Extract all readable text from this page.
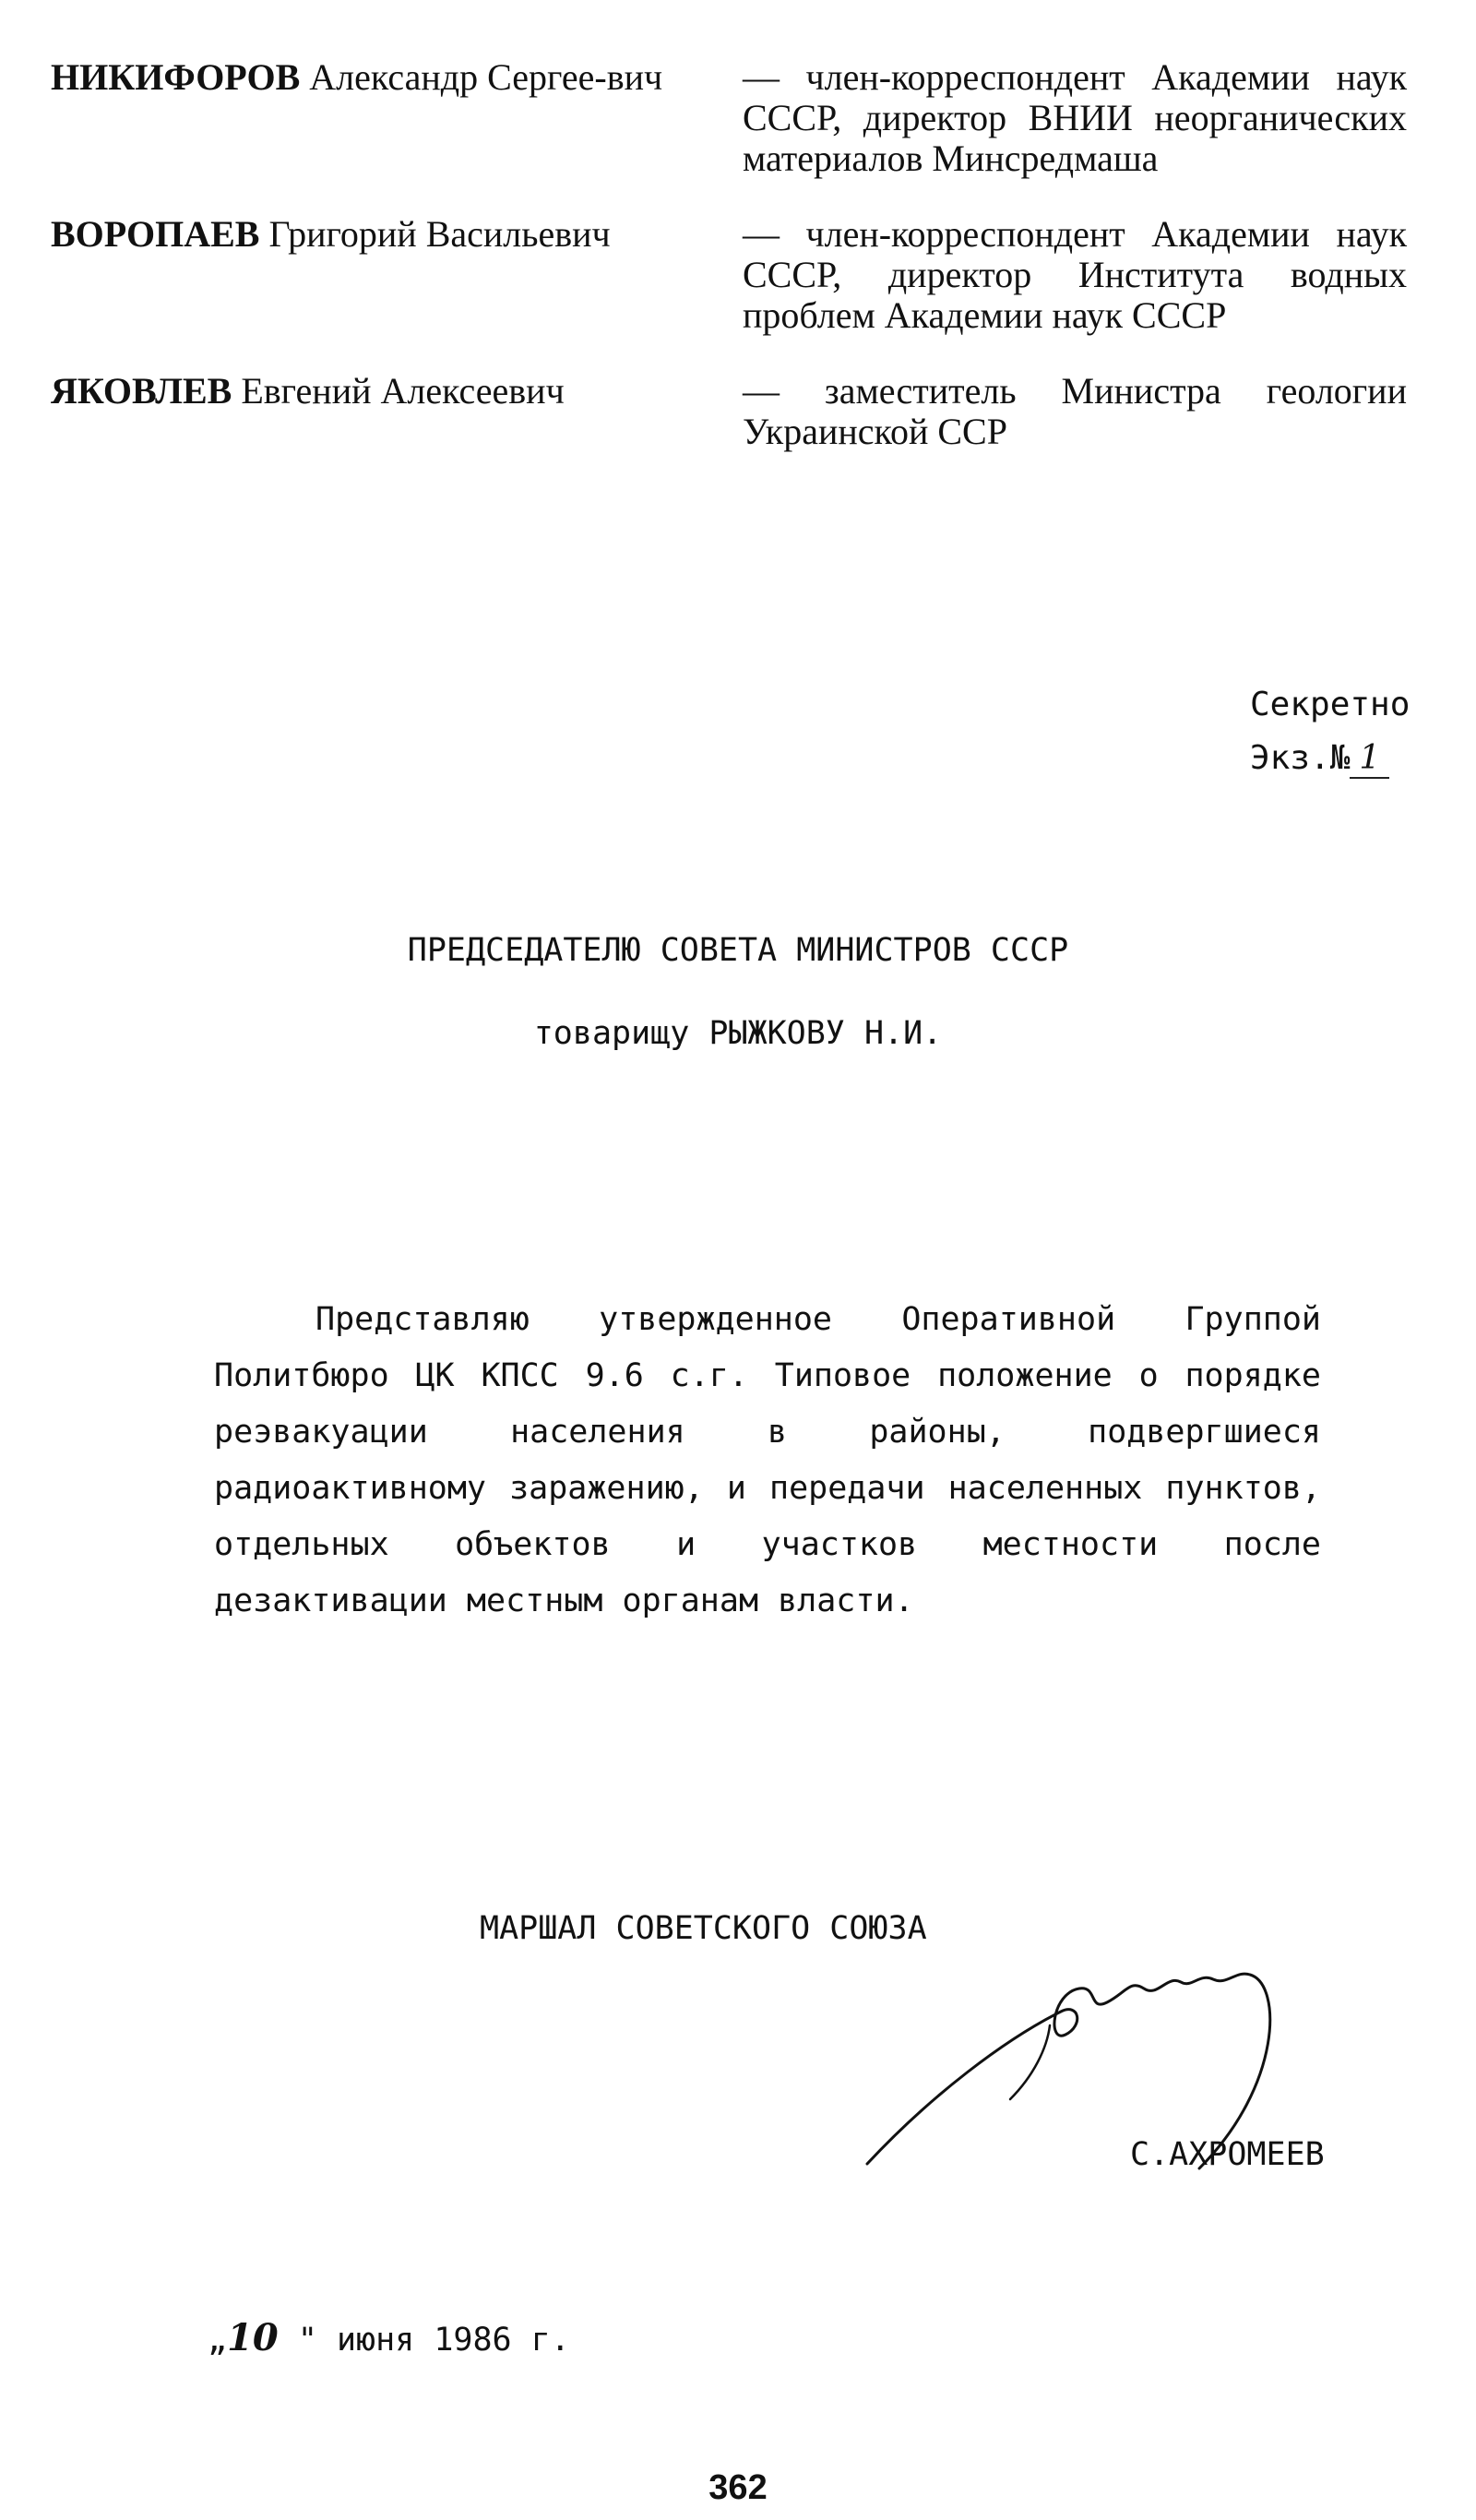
НИКИФОРОВ Александр Сергее-вич	— член-корреспондент Академии наук СССР, директор ВНИИ неорганических материалов Минсредмаша
ВОРОПАЕВ Григорий Васильевич	— член-корреспондент Академии наук СССР, директор Института водных проблем Академии наук СССР
ЯКОВЛЕВ Евгений Алексеевич	— заместитель Министра геологии Украинской ССР
Секретно
Экз.№ 1
ПРЕДСЕДАТЕЛЮ СОВЕТА МИНИСТРОВ СССР
товарищу РЫЖКОВУ Н.И.
Представляю утвержденное Оперативной Группой Политбюро ЦК КПСС 9.6 с.г. Типовое положение о порядке реэвакуации населения в районы, подвергшиеся радиоактивному заражению, и передачи населенных пунктов, отдельных объектов и участков местности после дезактивации местным органам власти.
МАРШАЛ СОВЕТСКОГО СОЮЗА
С.АХРОМЕЕВ
„10 " июня 1986 г.
362
